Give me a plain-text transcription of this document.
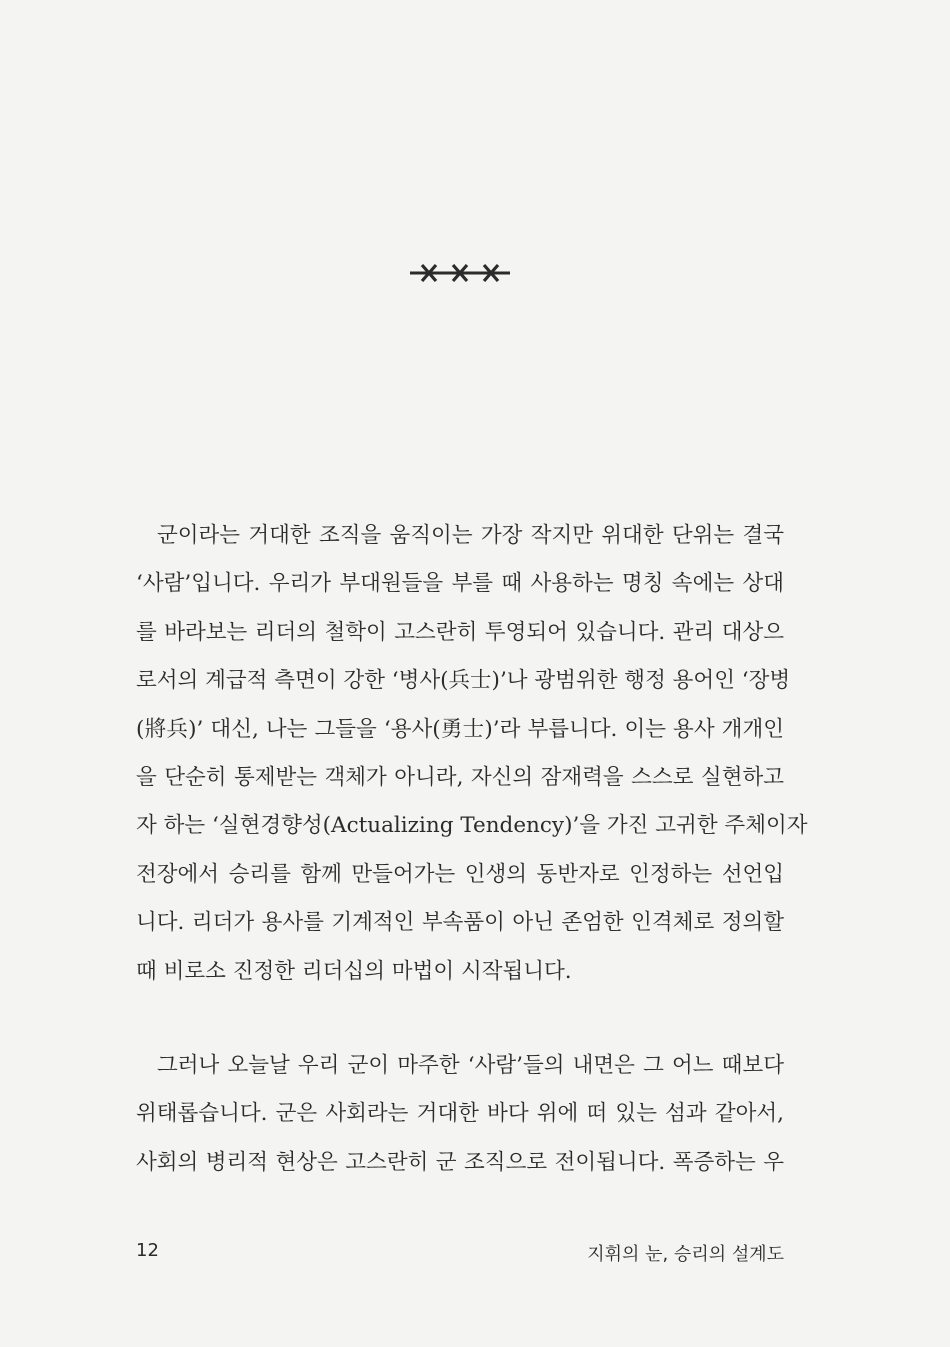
군이라는 거대한 조직을 움직이는 가장 작지만 위대한 단위는 결국
‘사람’입니다. 우리가 부대원들을 부를 때 사용하는 명칭 속에는 상대
를 바라보는 리더의 철학이 고스란히 투영되어 있습니다. 관리 대상으
로서의 계급적 측면이 강한 ‘병사(兵士)’나 광범위한 행정 용어인 ‘장병
(將兵)’ 대신, 나는 그들을 ‘용사(勇士)’라 부릅니다. 이는 용사 개개인
을 단순히 통제받는 객체가 아니라, 자신의 잠재력을 스스로 실현하고
자 하는 ‘실현경향성(Actualizing Tendency)’을 가진 고귀한 주체이자
전장에서 승리를 함께 만들어가는 인생의 동반자로 인정하는 선언입
니다. 리더가 용사를 기계적인 부속품이 아닌 존엄한 인격체로 정의할
때 비로소 진정한 리더십의 마법이 시작됩니다.

그러나 오늘날 우리 군이 마주한 ‘사람’들의 내면은 그 어느 때보다
위태롭습니다. 군은 사회라는 거대한 바다 위에 떠 있는 섬과 같아서,
사회의 병리적 현상은 고스란히 군 조직으로 전이됩니다. 폭증하는 우

12	지휘의 눈, 승리의 설계도
